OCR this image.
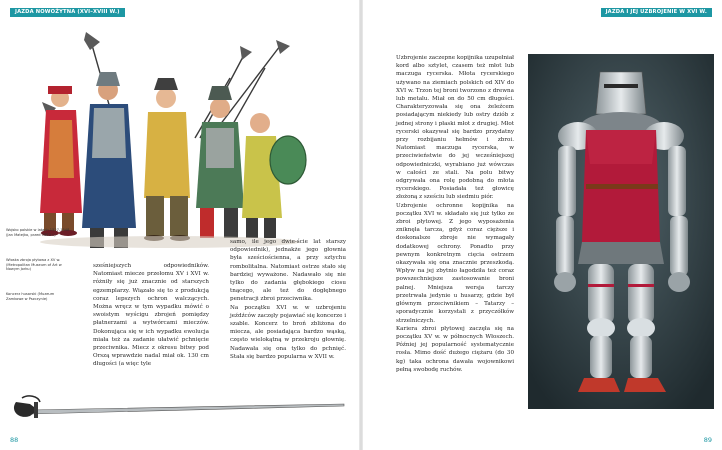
JAZDA NOWOŻYTNA (XVI–XVIII W.)	JAZDA I JEJ UZBROJENIE W XVI W.
Wojsko polskie w latach 1527-1548 (Jan Matejko, przed 1883 r.)
Włoska zbroja płytowa z XV w. (Metropolitan Museum of Art w Nowym Jorku)
Koncerz husarski (Muzeum Zamkowe w Pszczynie)

sześniejszych odpowiedników. Natomiast miecze przełomu XV i XVI w. różniły się już znacznie od starszych egzemplarzy. Wiązało się to z produkcją coraz lepszych ochron walczących. Można wręcz w tym wypadku mówić o swoistym wyścigu zbrojeń pomiędzy płatnerzami a wytwórcami mieczów. Dokonująca się w ich wypadku ewolucja miała też za zadanie ułatwić pchnięcie przeciwnika. Miecz z okresu bitwy pod Orszą wprawdzie nadal miał ok. 130 cm długości (a więc tyle

samo, ile jego dwie-ście lat starszy odpowiednik), jednakże jego głownia była sześciościenna, a przy sztychu rombolitalna. Natomiast ostrze stało się bardziej wyważone. Nadawało się nie tylko do zadania głębokiego ciosu tnącego, ale też do dogłębnego penetracji zbroi przeciwnika.
Na początku XVI w. w uzbrojeniu jeźdźców zaczęły pojawiać się koncerze i szable. Koncerz to broń zbliżona do miecza, ale posiadająca bardzo wąską, często wielokątną w przekroju głownię. Nadawała się ona tylko do pchnięć. Stała się bardzo popularna w XVII w.

Uzbrojenie zaczepne kopijnika uzupełniał kord albo sztylet, czasem też młot lub maczuga rycerska. Młota rycerskiego używano na ziemiach polskich od XIV do XVI w. Trzon tej broni tworzono z drewna lub metalu. Miał on do 50 cm długości. Charakteryzowała się ona żeleźcem posiadającym niekiedy lub ostry dziób z jednej strony i płaski młot z drugiej. Młot rycerski okazywał się bardzo przydatny przy rozbijaniu hełmów i zbroi. Natomiast maczuga rycerska, w przeciwieństwie do jej wcześniejszej odpowiedniczki, wyrabiano już wówczas w całości ze stali. Na polu bitwy odgrywała ona rolę podobną do młota rycerskiego. Posiadała też głowicę złożoną z sześciu lub siedmiu piór.
Uzbrojenie ochronne kopijnika na początku XVI w. składało się już tylko ze zbroi płytowej. Z jego wyposażenia zniknęła tarcza, gdyż coraz cięższe i doskonalsze zbroje nie wymagały dodatkowej ochrony. Ponadto przy pewnym konkretnym cięcia ostrzem okazywała się ona znacznie przeszkodą. Wpływ na jej zbytnio łagodziła też coraz powszechniejsze zastosowanie broni palnej. Mniejsza wersja tarczy przetrwała jedynie u husarzy, gdzie był głównym przeciwnikiem – Tatarzy – sporadycznie korzystali z przyczółków strzelniczych.
Kariera zbroi płytowej zaczęła się na początku XV w. w północnych Włoszech. Później jej popularność systematycznie rosła. Mimo dość dużego ciężaru (do 30 kg) taka ochrona dawała wojownikowi pełną swobodę ruchów.

88	89
